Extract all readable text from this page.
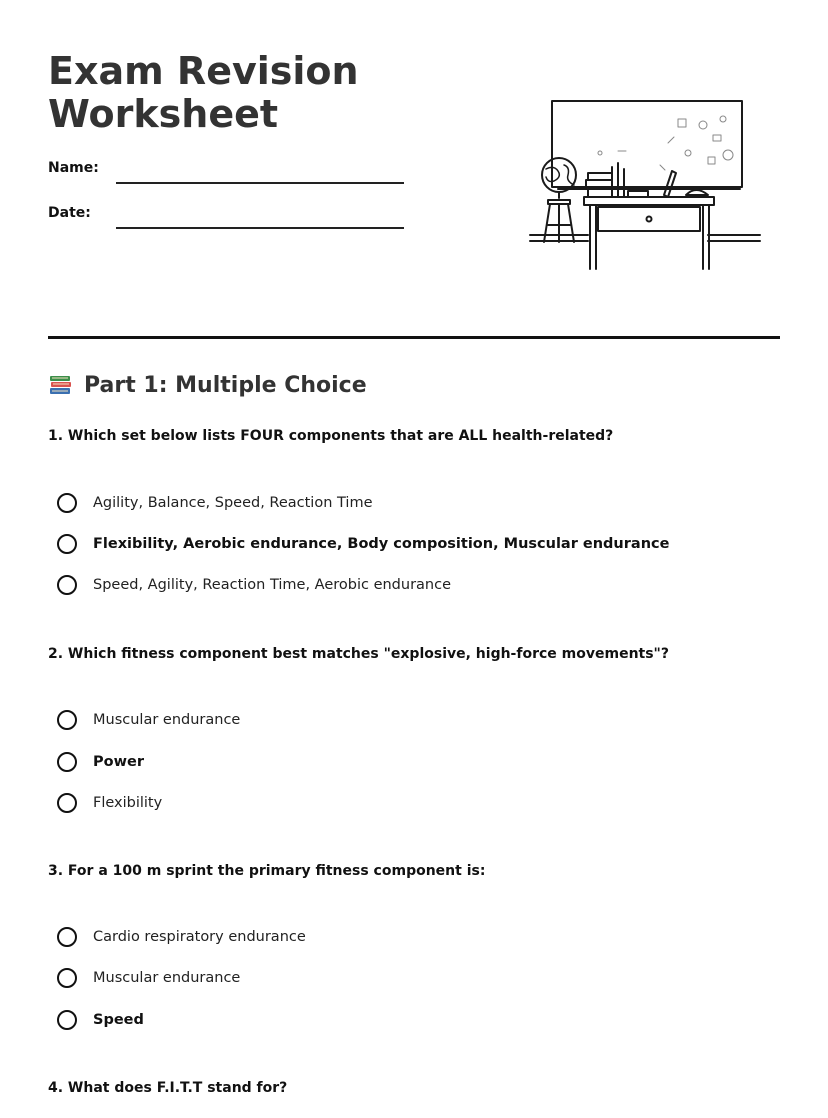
Exam Revision
Worksheet
Name:
Date:
Part 1: Multiple Choice
1. Which set below lists FOUR components that are ALL health-related?
Agility, Balance, Speed, Reaction Time
Flexibility, Aerobic endurance, Body composition, Muscular endurance
Speed, Agility, Reaction Time, Aerobic endurance
2. Which fitness component best matches "explosive, high-force movements"?
Muscular endurance
Power
Flexibility
3. For a 100 m sprint the primary fitness component is:
Cardio respiratory endurance
Muscular endurance
Speed
4. What does F.I.T.T stand for?
